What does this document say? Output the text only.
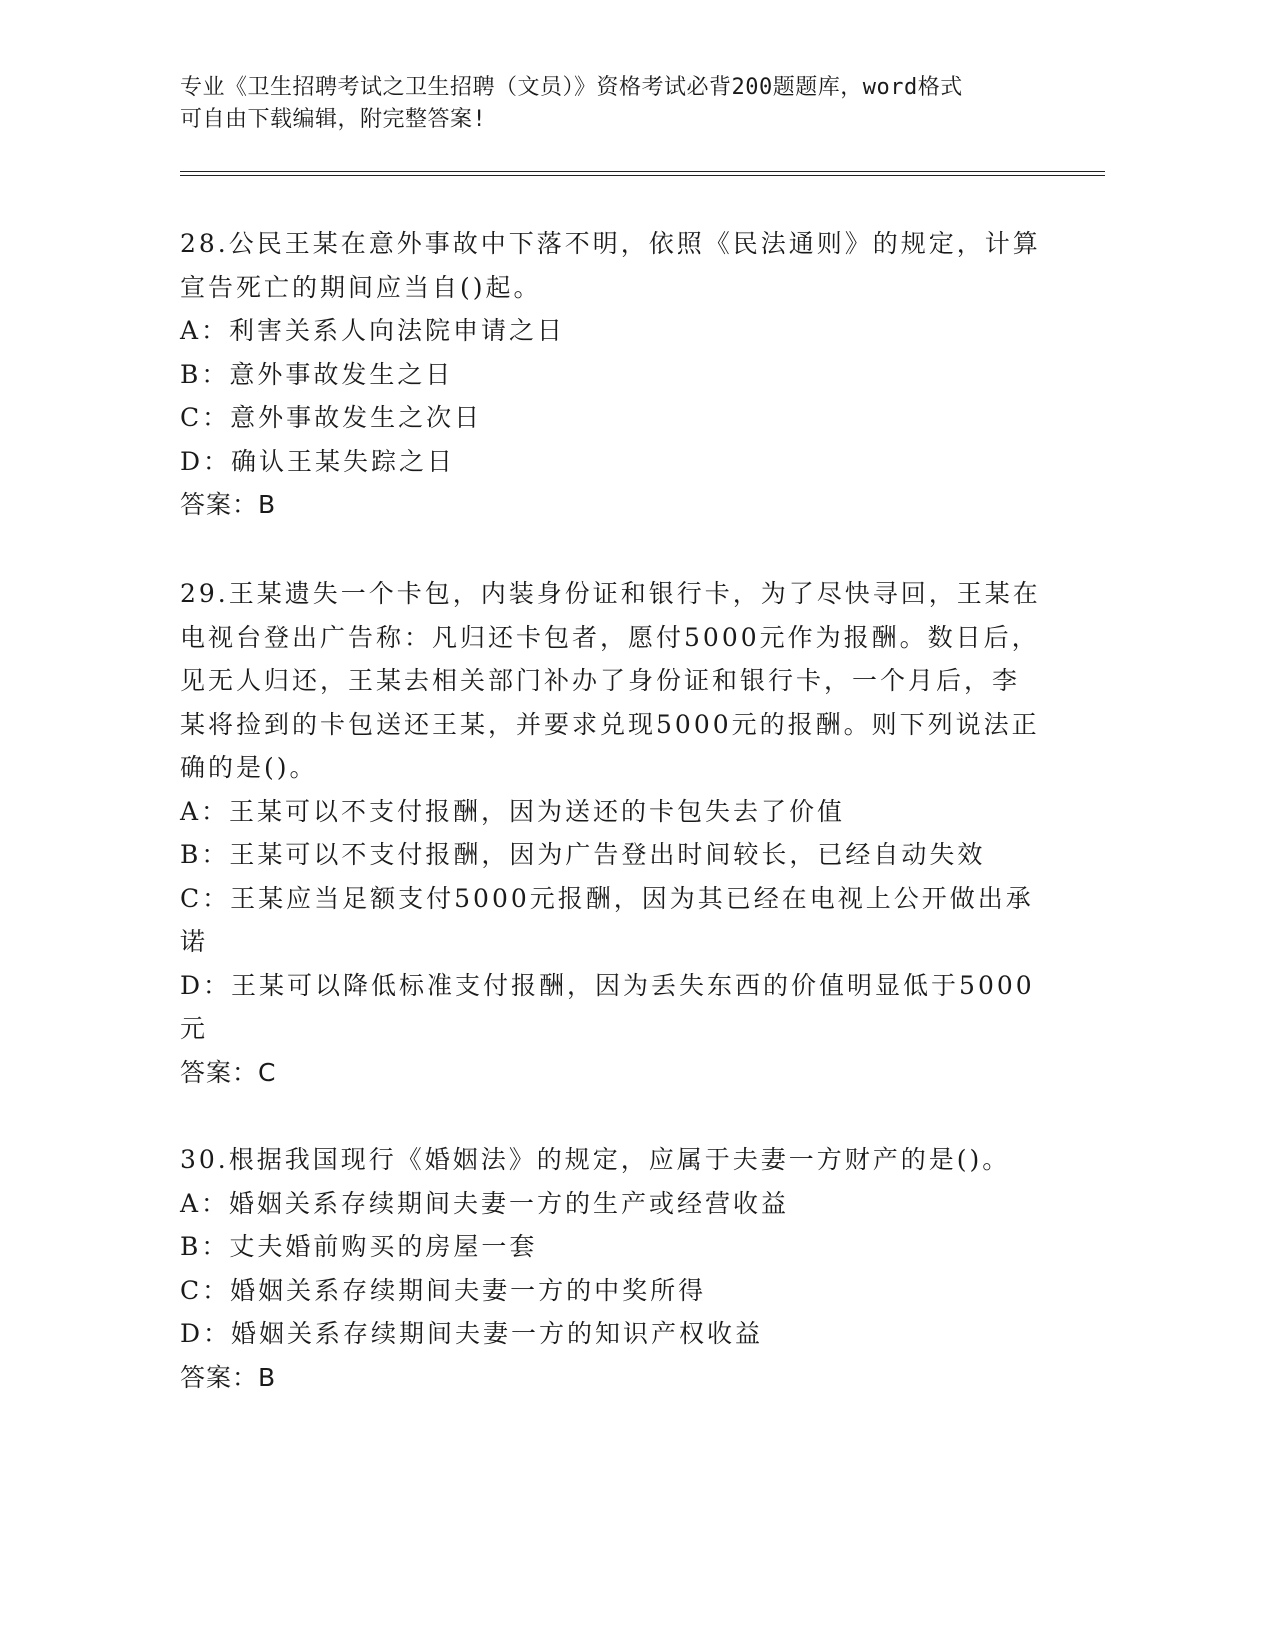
专业《卫生招聘考试之卫生招聘（文员）》资格考试必背200题题库，word格式
可自由下载编辑，附完整答案!
28.公民王某在意外事故中下落不明，依照《民法通则》的规定，计算
宣告死亡的期间应当自()起。
A：利害关系人向法院申请之日
B：意外事故发生之日
C：意外事故发生之次日
D：确认王某失踪之日
答案：B
29.王某遗失一个卡包，内装身份证和银行卡，为了尽快寻回，王某在
电视台登出广告称：凡归还卡包者，愿付5000元作为报酬。数日后，
见无人归还，王某去相关部门补办了身份证和银行卡，一个月后，李
某将捡到的卡包送还王某，并要求兑现5000元的报酬。则下列说法正
确的是()。
A：王某可以不支付报酬，因为送还的卡包失去了价值
B：王某可以不支付报酬，因为广告登出时间较长，已经自动失效
C：王某应当足额支付5000元报酬，因为其已经在电视上公开做出承
诺
D：王某可以降低标准支付报酬，因为丢失东西的价值明显低于5000
元
答案：C
30.根据我国现行《婚姻法》的规定，应属于夫妻一方财产的是()。
A：婚姻关系存续期间夫妻一方的生产或经营收益
B：丈夫婚前购买的房屋一套
C：婚姻关系存续期间夫妻一方的中奖所得
D：婚姻关系存续期间夫妻一方的知识产权收益
答案：B
